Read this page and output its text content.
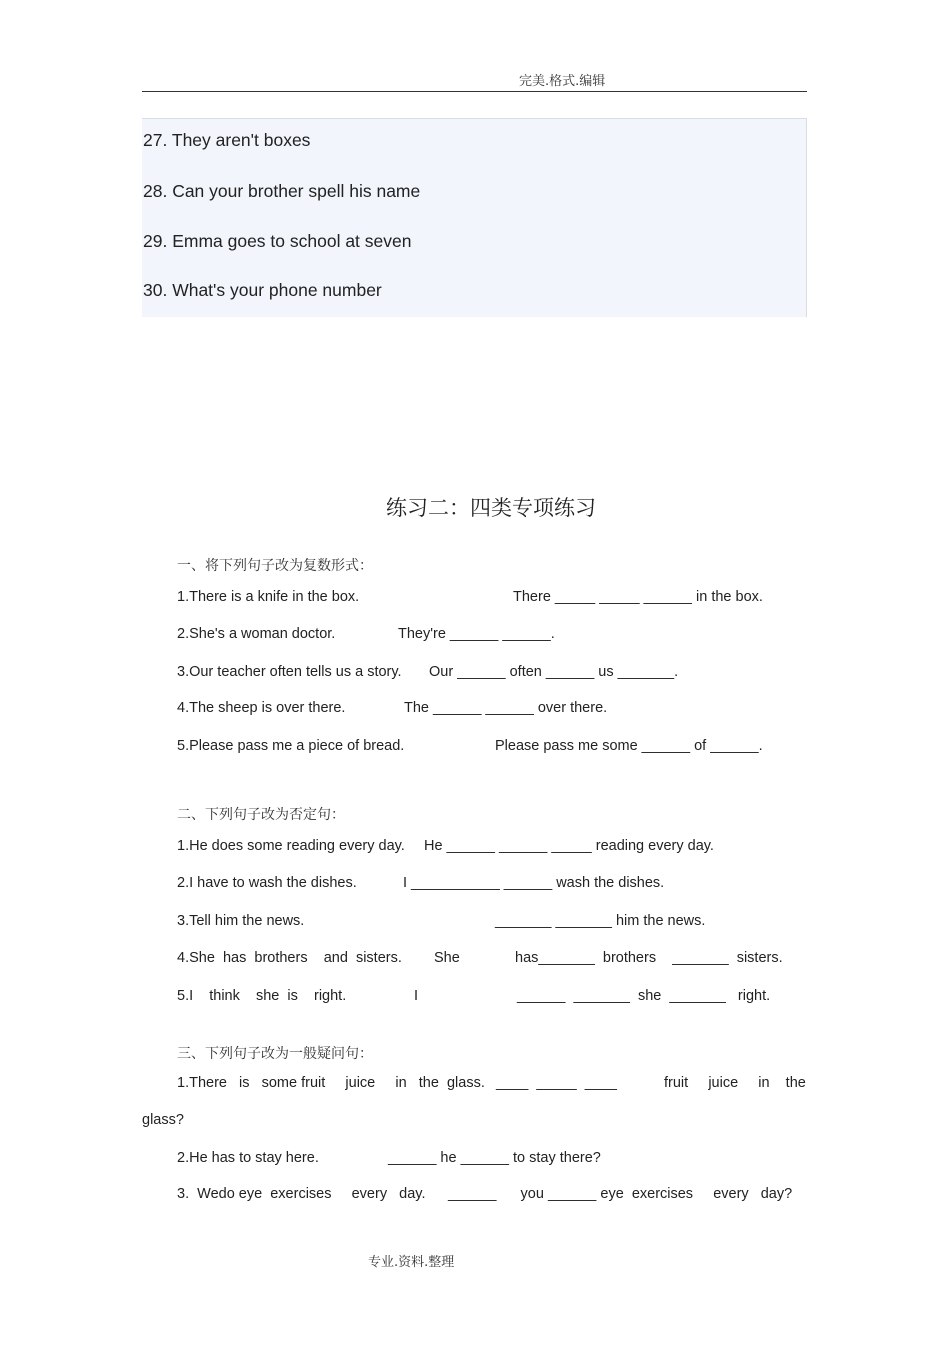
完美.格式.编辑
27. They aren't boxes
28. Can your brother spell his name
29. Emma goes to school at seven
30. What's your phone number
练习二：四类专项练习
一、将下列句子改为复数形式：
1.There is a knife in the box.	There _____ _____ ______ in the box.
2.She's a woman doctor.	They're ______ ______.
3.Our teacher often tells us a story. Our ______ often ______ us _______.
4.The sheep is over there.	The ______ ______ over there.
5.Please pass me a piece of bread.	Please pass me some ______ of ______.
二、下列句子改为否定句：
1.He does some reading every day. He ______ ______ _____ reading every day.
2.I have to wash the dishes.	I ___________ ______ wash the dishes.
3.Tell him the news.	_______ _______ him the news.
4.She  has  brothers    and  sisters. She	has_______  brothers    _______  sisters.
5.I    think    she  is    right.	I	______  _______  she  _______   right.
三、下列句子改为一般疑问句：
1.There   is   some fruit     juice     in   the  glass. ____  _____  ____	fruit     juice     in    the
glass?
2.He has to stay here.	______ he ______ to stay there?
3.  Wedo eye  exercises     every   day. ______      you ______ eye  exercises     every   day?
专业.资料.整理
